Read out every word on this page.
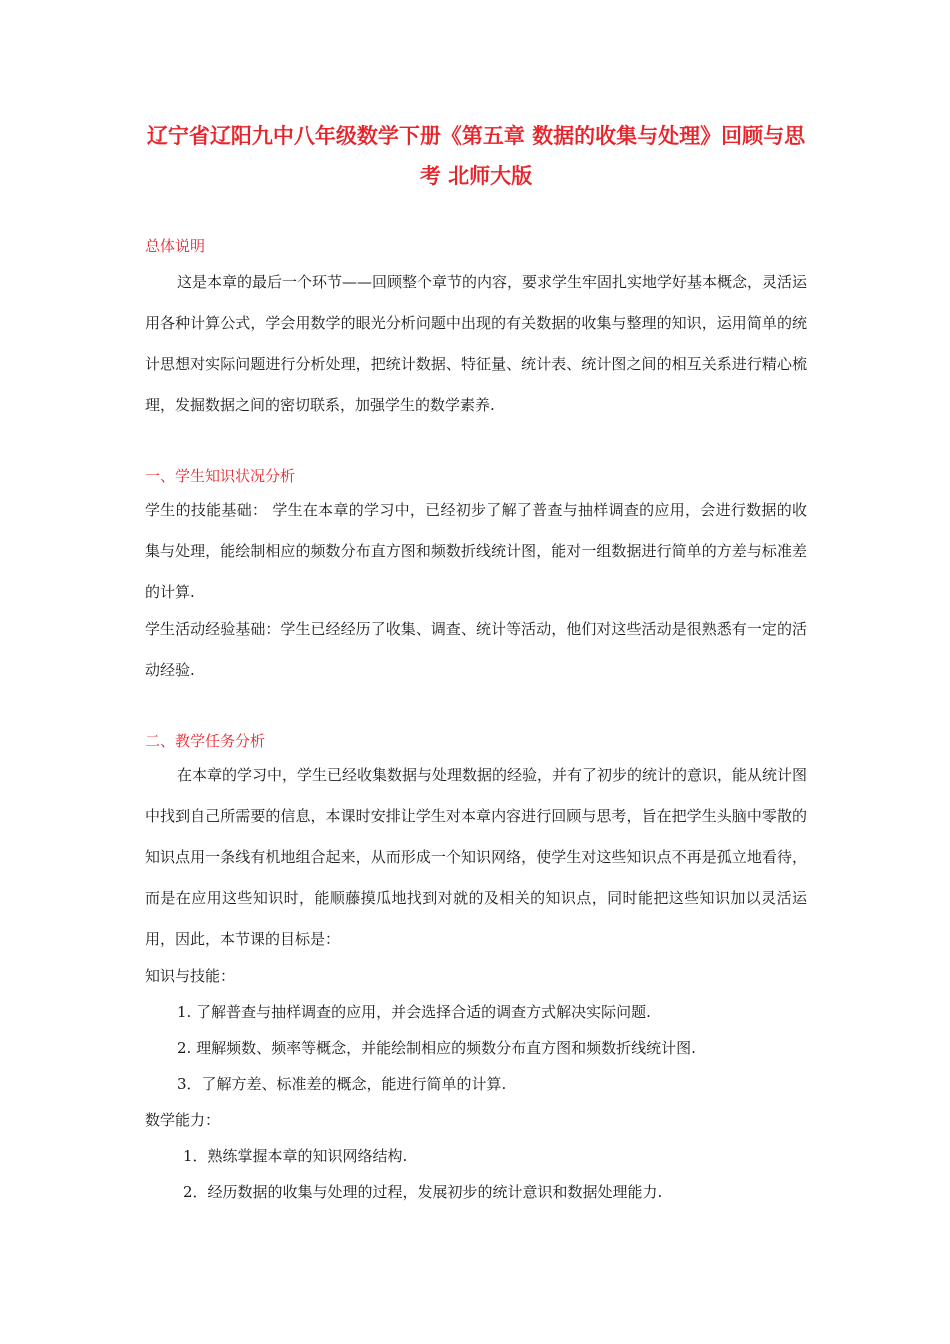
辽宁省辽阳九中八年级数学下册《第五章 数据的收集与处理》回顾与思考 北师大版

总体说明

这是本章的最后一个环节——回顾整个章节的内容，要求学生牢固扎实地学好基本概念，灵活运用各种计算公式，学会用数学的眼光分析问题中出现的有关数据的收集与整理的知识，运用简单的统计思想对实际问题进行分析处理，把统计数据、特征量、统计表、统计图之间的相互关系进行精心梳理，发掘数据之间的密切联系，加强学生的数学素养.

一、学生知识状况分析

学生的技能基础： 学生在本章的学习中，已经初步了解了普查与抽样调查的应用，会进行数据的收集与处理，能绘制相应的频数分布直方图和频数折线统计图，能对一组数据进行简单的方差与标准差的计算.

学生活动经验基础：学生已经经历了收集、调查、统计等活动，他们对这些活动是很熟悉有一定的活动经验.

二、教学任务分析

在本章的学习中，学生已经收集数据与处理数据的经验，并有了初步的统计的意识，能从统计图中找到自己所需要的信息，本课时安排让学生对本章内容进行回顾与思考，旨在把学生头脑中零散的知识点用一条线有机地组合起来，从而形成一个知识网络，使学生对这些知识点不再是孤立地看待，而是在应用这些知识时，能顺藤摸瓜地找到对就的及相关的知识点，同时能把这些知识加以灵活运用，因此，本节课的目标是：

知识与技能：

1. 了解普查与抽样调查的应用，并会选择合适的调查方式解决实际问题.

2. 理解频数、频率等概念，并能绘制相应的频数分布直方图和频数折线统计图.

3．了解方差、标准差的概念，能进行简单的计算.

数学能力：

1．熟练掌握本章的知识网络结构.

2．经历数据的收集与处理的过程，发展初步的统计意识和数据处理能力.
